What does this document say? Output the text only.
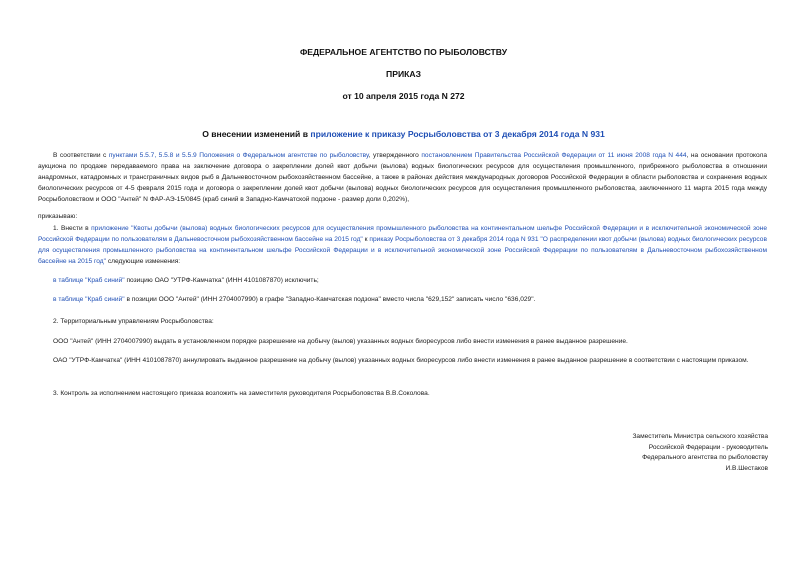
ФЕДЕРАЛЬНОЕ АГЕНТСТВО ПО РЫБОЛОВСТВУ
ПРИКАЗ
от 10 апреля 2015 года N 272
О внесении изменений в приложение к приказу Росрыболовства от 3 декабря 2014 года N 931
В соответствии с пунктами 5.5.7, 5.5.8 и 5.5.9 Положения о Федеральном агентстве по рыболовству, утвержденного постановлением Правительства Российской Федерации от 11 июня 2008 года N 444, на основании протокола аукциона по продаже передаваемого права на заключение договора о закреплении долей квот добычи (вылова) водных биологических ресурсов для осуществления промышленного, прибрежного рыболовства в отношении анадромных, катадромных и трансграничных видов рыб в Дальневосточном рыбохозяйственном бассейне, а также в районах действия международных договоров Российской Федерации в области рыболовства и сохранения водных биологических ресурсов от 4-5 февраля 2015 года и договора о закреплении долей квот добычи (вылова) водных биологических ресурсов для осуществления промышленного рыболовства, заключенного 11 марта 2015 года между Росрыболовством и ООО "Антей" N ФАР-АЭ-15/0845 (краб синий в Западно-Камчатской подзоне - размер доли 0,202%),
приказываю:
1. Внести в приложение "Квоты добычи (вылова) водных биологических ресурсов для осуществления промышленного рыболовства на континентальном шельфе Российской Федерации и в исключительной экономической зоне Российской Федерации по пользователям в Дальневосточном рыбохозяйственном бассейне на 2015 год" к приказу Росрыболовства от 3 декабря 2014 года N 931 "О распределении квот добычи (вылова) водных биологических ресурсов для осуществления промышленного рыболовства на континентальном шельфе Российской Федерации и в исключительной экономической зоне Российской Федерации по пользователям в Дальневосточном рыбохозяйственном бассейне на 2015 год" следующие изменения:
в таблице "Краб синий" позицию ОАО "УТРФ-Камчатка" (ИНН 4101087870) исключить;
в таблице "Краб синий" в позиции ООО "Антей" (ИНН 2704007990) в графе "Западно-Камчатская подзона" вместо числа "629,152" записать число "636,029".
2. Территориальным управлениям Росрыболовства:
ООО "Антей" (ИНН 2704007990) выдать в установленном порядке разрешение на добычу (вылов) указанных водных биоресурсов либо внести изменения в ранее выданное разрешение.
ОАО "УТРФ-Камчатка" (ИНН 4101087870) аннулировать выданное разрешение на добычу (вылов) указанных водных биоресурсов либо внести изменения в ранее выданное разрешение в соответствии с настоящим приказом.
3. Контроль за исполнением настоящего приказа возложить на заместителя руководителя Росрыболовства В.В.Соколова.
Заместитель Министра сельского хозяйства
Российской Федерации - руководитель
Федерального агентства по рыболовству
И.В.Шестаков
